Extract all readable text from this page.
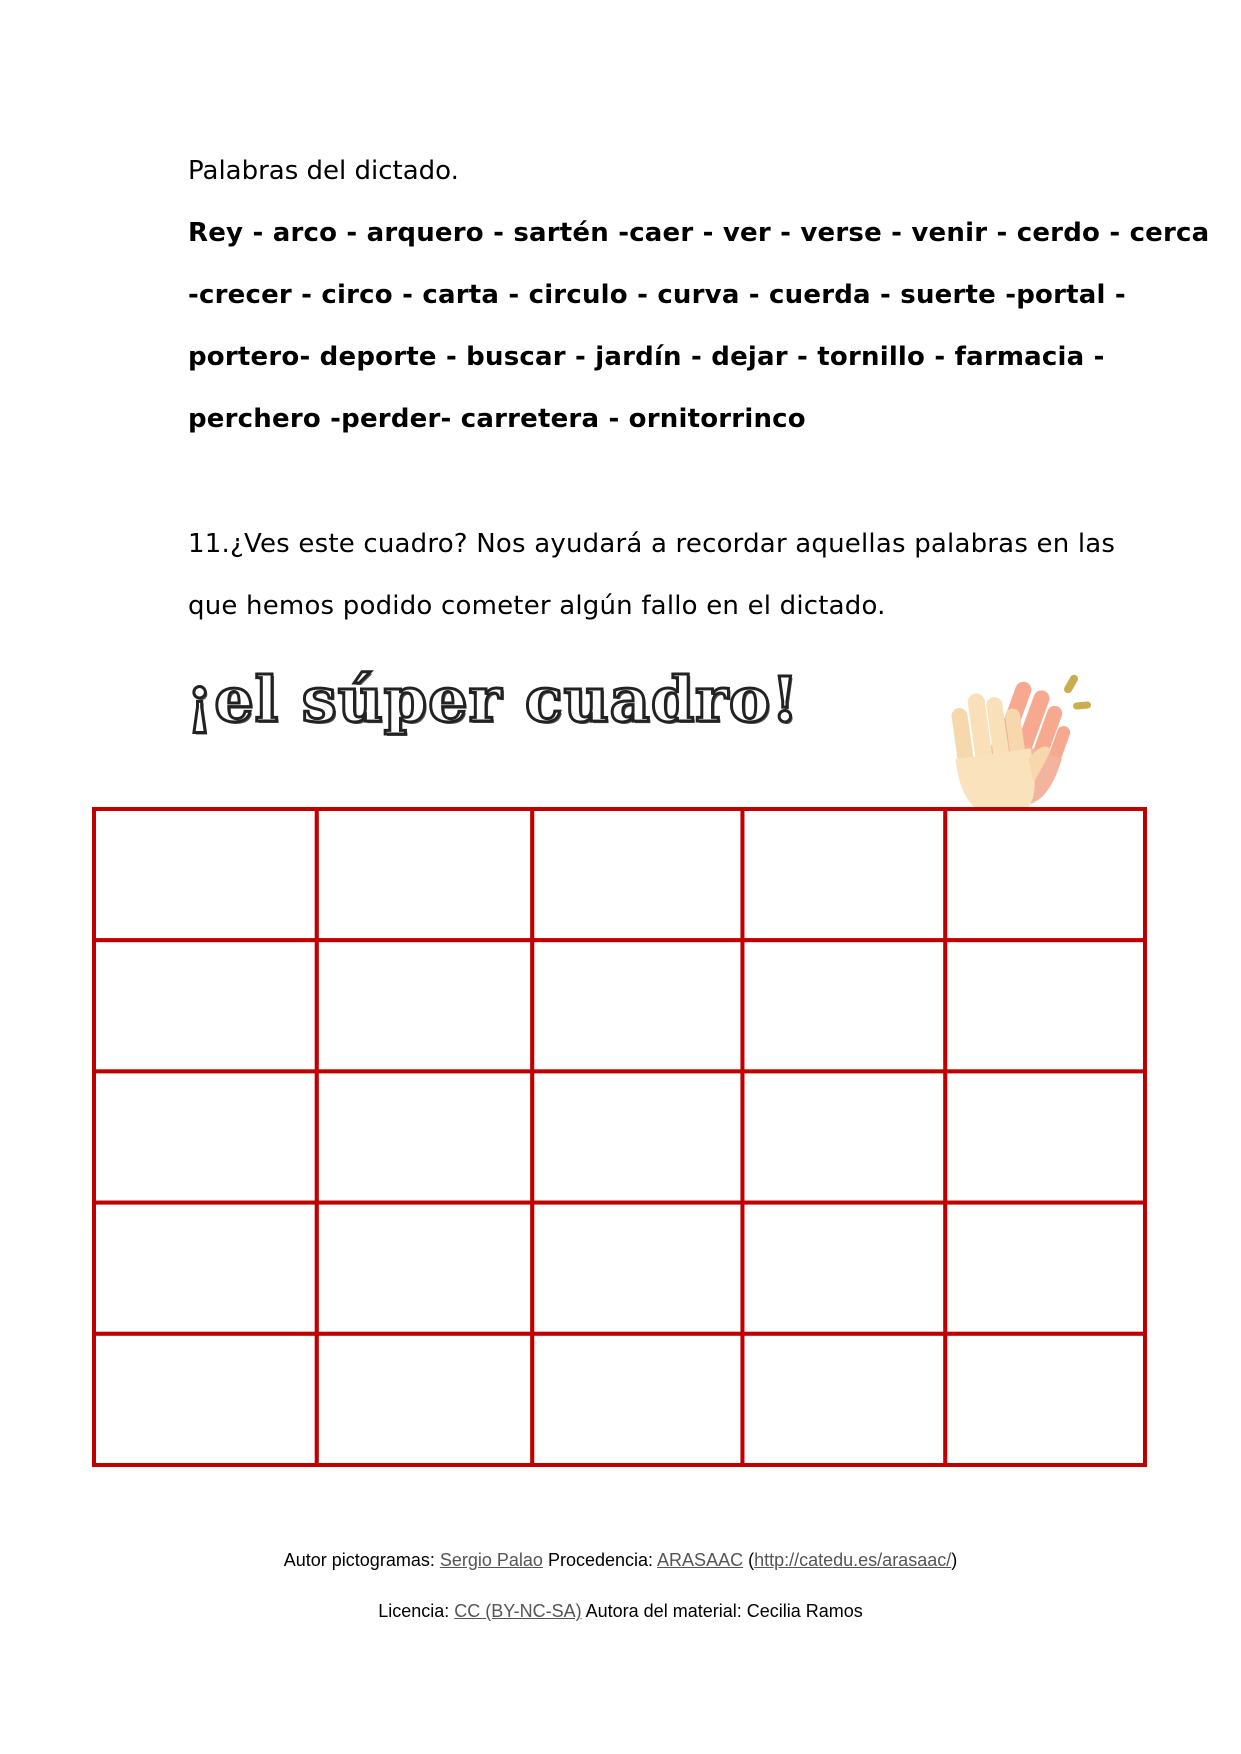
Palabras del dictado.
Rey - arco - arquero - sartén -caer - ver - verse - venir - cerdo - cerca
-crecer - circo - carta - circulo - curva - cuerda - suerte -portal -
portero- deporte - buscar - jardín - dejar - tornillo - farmacia -
perchero -perder- carretera - ornitorrinco
11.¿Ves este cuadro? Nos ayudará a recordar aquellas palabras en las
que hemos podido cometer algún fallo en el dictado.
¡el súper cuadro!
Autor pictogramas: Sergio Palao Procedencia: ARASAAC (http://catedu.es/arasaac/)
Licencia: CC (BY-NC-SA) Autora del material: Cecilia Ramos
